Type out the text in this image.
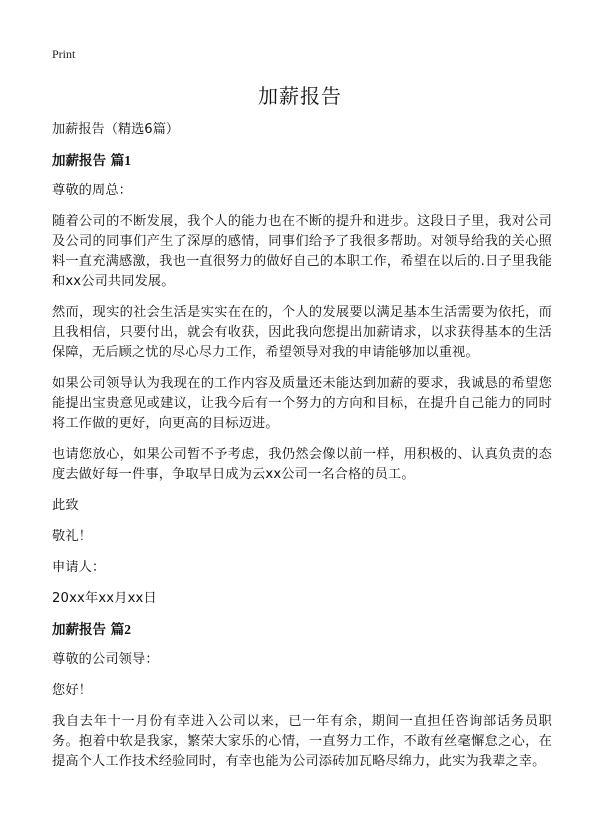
Print
加薪报告

加薪报告（精选6篇）

加薪报告 篇1

尊敬的周总：

随着公司的不断发展，我个人的能力也在不断的提升和进步。这段日子里，我对公司及公司的同事们产生了深厚的感情，同事们给予了我很多帮助。对领导给我的关心照料一直充满感激，我也一直很努力的做好自己的本职工作，希望在以后的.日子里我能和xx公司共同发展。

然而，现实的社会生活是实实在在的，个人的发展要以满足基本生活需要为依托，而且我相信，只要付出，就会有收获，因此我向您提出加薪请求，以求获得基本的生活保障，无后顾之忧的尽心尽力工作，希望领导对我的申请能够加以重视。

如果公司领导认为我现在的工作内容及质量还未能达到加薪的要求，我诚恳的希望您能提出宝贵意见或建议，让我今后有一个努力的方向和目标，在提升自己能力的同时将工作做的更好，向更高的目标迈进。

也请您放心，如果公司暂不予考虑，我仍然会像以前一样，用积极的、认真负责的态度去做好每一件事，争取早日成为云xx公司一名合格的员工。

此致

敬礼！

申请人：

20xx年xx月xx日

加薪报告 篇2

尊敬的公司领导：

您好！

我自去年十一月份有幸进入公司以来，已一年有余，期间一直担任咨询部话务员职务。抱着中软是我家，繁荣大家乐的心情，一直努力工作，不敢有丝毫懈怠之心，在提高个人工作技术经验同时，有幸也能为公司添砖加瓦略尽绵力，此实为我辈之幸。
